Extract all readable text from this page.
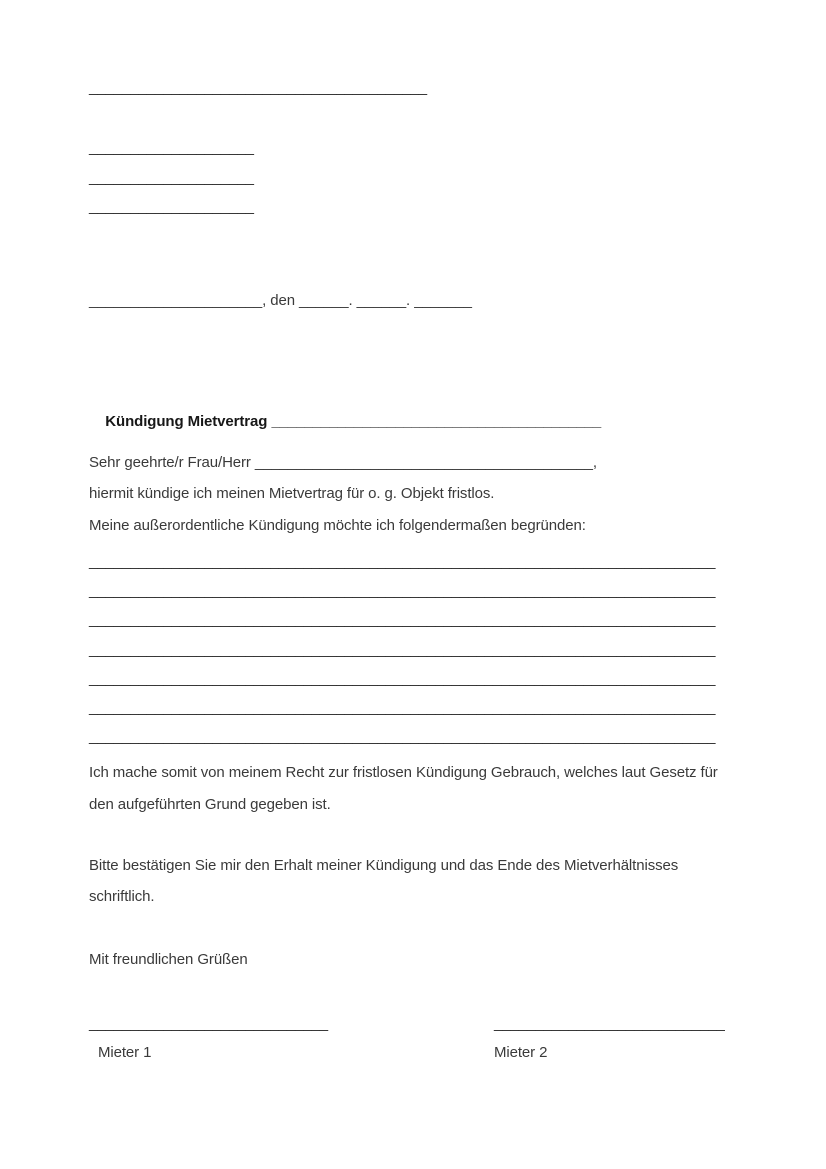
_________________________________________
____________________
____________________
____________________
_____________________, den ______. ______. _______

Kündigung Mietvertrag ________________________________________

Sehr geehrte/r Frau/Herr _________________________________________,
hiermit kündige ich meinen Mietvertrag für o. g. Objekt fristlos.
Meine außerordentliche Kündigung möchte ich folgendermaßen begründen:
____________________________________________________________________________
____________________________________________________________________________
____________________________________________________________________________
____________________________________________________________________________
____________________________________________________________________________
____________________________________________________________________________
____________________________________________________________________________
Ich mache somit von meinem Recht zur fristlosen Kündigung Gebrauch, welches laut Gesetz für
den aufgeführten Grund gegeben ist.
Bitte bestätigen Sie mir den Erhalt meiner Kündigung und das Ende des Mietverhältnisses
schriftlich.
Mit freundlichen Grüßen
_____________________________	____________________________
Mieter 1	Mieter 2
